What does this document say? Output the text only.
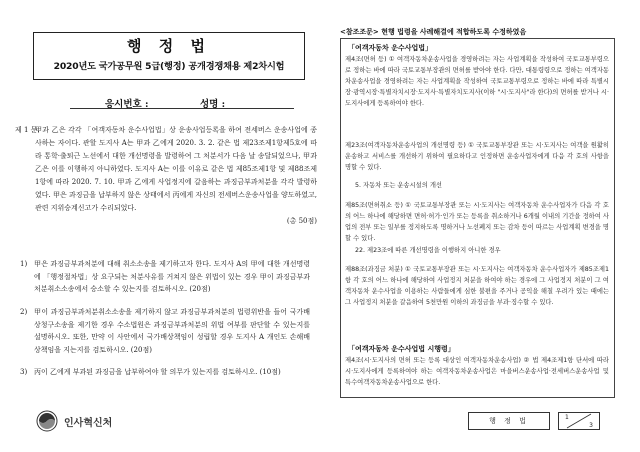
행 정 법
2020년도 국가공무원 5급(행정) 공개경쟁채용 제2차시험
응시번호 :	성명 :
제 1 문.

甲과 乙은 각각 「여객자동차 운수사업법」상 운송사업등록을 하여 전세버스 운송사업에 종사하는 자이다. 관할 도지사 A는 甲과 乙에게 2020. 3. 2. 같은 법 제23조제1항제5호에 따라 통학·출퇴근 노선에서 대한 개선명령을 발령하여 그 처분서가 다음 날 송달되었으나, 甲과 乙은 이를 이행하지 아니하였다. 도지사 A는 이를 이유로 같은 법 제85조제1항 및 제88조제1항에 따라 2020. 7. 10. 甲과 乙에게 사업정지에 갈음하는 과징금부과처분을 각각 발령하였다. 甲은 과징금을 납부하지 않은 상태에서 丙에게 자신의 전세버스운송사업을 양도하였고, 관련 지위승계신고가 수리되었다.

(총 50점)
1) 甲은 과징금부과처분에 대해 취소소송을 제기하고자 한다. 도지사 A의 甲에 대한 개선명령에 「행정절차법」상 요구되는 처분사유를 거쳐지 않은 위법이 있는 경우 甲이 과징금부과처분취소소송에서 승소할 수 있는지를 검토하시오. (20점)
2) 甲이 과징금부과처분취소소송을 제기하지 않고 과징금부과처분의 법령위반을 들어 국가배상청구소송을 제기한 경우 수소법원은 과징금부과처분의 위법 여부를 판단할 수 있는지를 설명하시오. 또한, 만약 이 사안에서 국가배상책임이 성립할 경우 도지사 A 개인도 손해배상책임을 지는지를 검토하시오. (20점)
3) 丙이 乙에게 부과된 과징금을 납부하여야 할 의무가 있는지를 검토하시오. (10점)
인사혁신처
<참조조문> 현행 법령을 사례해결에 적합하도록 수정하였음
「여객자동차 운수사업법」
제4조(면허 등) ① 여객자동차운송사업을 경영하려는 자는 사업계획을 작성하여 국토교통부령으로 정하는 바에 따라 국토교통부장관의 면허를 받아야 한다. 다만, 대통령령으로 정하는 여객자동차운송사업을 경영하려는 자는 사업계획을 작성하여 국토교통부령으로 정하는 바에 따라 특별시장·광역시장·특별자치시장·도지사·특별자치도지사(이하 "시·도지사"라 한다)의 면허를 받거나 시·도지사에게 등록하여야 한다.
제23조(여객자동차운송사업의 개선명령 등) ① 국토교통부장관 또는 시·도지사는 여객을 원활히 운송하고 서비스를 개선하기 위하여 필요하다고 인정하면 운송사업자에게 다음 각 호의 사항을 명할 수 있다.
5. 자동차 또는 운송시설의 개선
제85조(면허취소 등) ① 국토교통부장관 또는 시·도지사는 여객자동차 운수사업자가 다음 각 호의 어느 하나에 해당하면 면허·허가·인가 또는 등록을 취소하거나 6개월 이내의 기간을 정하여 사업의 전부 또는 일부를 정지하도록 명하거나 노선폐지 또는 감차 등이 따르는 사업계획 변경을 명할 수 있다.
22. 제23조에 따른 개선명령을 이행하지 아니한 경우
제88조(과징금 처분) ① 국토교통부장관 또는 시·도지사는 여객자동차 운수사업자가 제85조제1항 각 호의 어느 하나에 해당하여 사업정지 처분을 하여야 하는 경우에 그 사업정지 처분이 그 여객자동차 운수사업을 이용하는 사람들에게 심한 불편을 주거나 공익을 해칠 우려가 있는 때에는 그 사업정지 처분을 갈음하여 5천만원 이하의 과징금을 부과·징수할 수 있다.
「여객자동차 운수사업법 시행령」
제4조(시·도지사의 면허 또는 등록 대상인 여객자동차운송사업) ② 법 제4조제1항 단서에 따라 시·도지사에게 등록하여야 하는 여객자동차운송사업은 마을버스운송사업·전세버스운송사업 및 특수여객자동차운송사업으로 한다.
행 정 법	1
3
